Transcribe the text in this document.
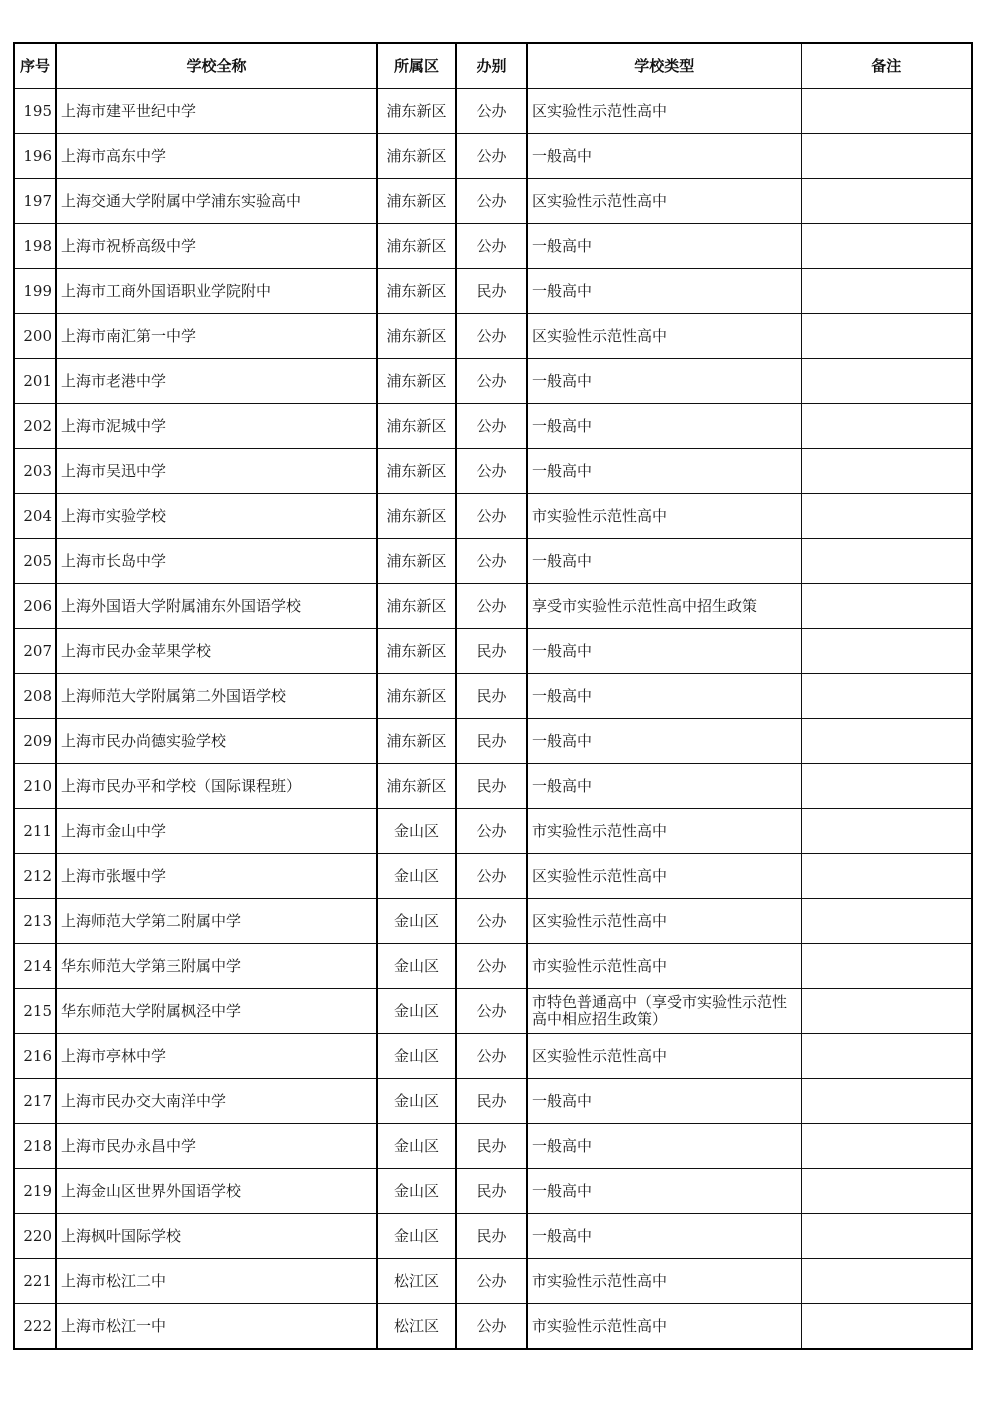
序号	学校全称	所属区	办别	学校类型	备注
195	上海市建平世纪中学	浦东新区	公办	区实验性示范性高中	
196	上海市高东中学	浦东新区	公办	一般高中	
197	上海交通大学附属中学浦东实验高中	浦东新区	公办	区实验性示范性高中	
198	上海市祝桥高级中学	浦东新区	公办	一般高中	
199	上海市工商外国语职业学院附中	浦东新区	民办	一般高中	
200	上海市南汇第一中学	浦东新区	公办	区实验性示范性高中	
201	上海市老港中学	浦东新区	公办	一般高中	
202	上海市泥城中学	浦东新区	公办	一般高中	
203	上海市吴迅中学	浦东新区	公办	一般高中	
204	上海市实验学校	浦东新区	公办	市实验性示范性高中	
205	上海市长岛中学	浦东新区	公办	一般高中	
206	上海外国语大学附属浦东外国语学校	浦东新区	公办	享受市实验性示范性高中招生政策	
207	上海市民办金苹果学校	浦东新区	民办	一般高中	
208	上海师范大学附属第二外国语学校	浦东新区	民办	一般高中	
209	上海市民办尚德实验学校	浦东新区	民办	一般高中	
210	上海市民办平和学校（国际课程班）	浦东新区	民办	一般高中	
211	上海市金山中学	金山区	公办	市实验性示范性高中	
212	上海市张堰中学	金山区	公办	区实验性示范性高中	
213	上海师范大学第二附属中学	金山区	公办	区实验性示范性高中	
214	华东师范大学第三附属中学	金山区	公办	市实验性示范性高中	
215	华东师范大学附属枫泾中学	金山区	公办	市特色普通高中（享受市实验性示范性高中相应招生政策）	
216	上海市亭林中学	金山区	公办	区实验性示范性高中	
217	上海市民办交大南洋中学	金山区	民办	一般高中	
218	上海市民办永昌中学	金山区	民办	一般高中	
219	上海金山区世界外国语学校	金山区	民办	一般高中	
220	上海枫叶国际学校	金山区	民办	一般高中	
221	上海市松江二中	松江区	公办	市实验性示范性高中	
222	上海市松江一中	松江区	公办	市实验性示范性高中	
